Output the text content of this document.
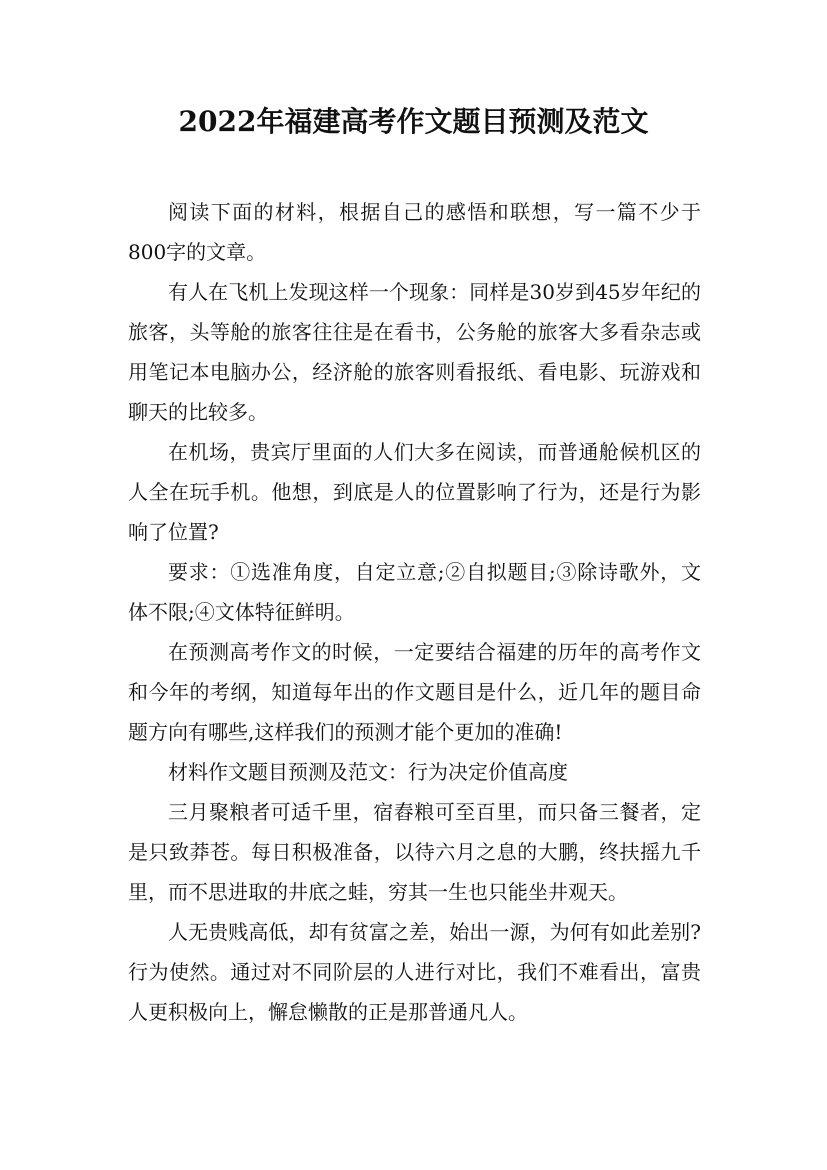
2022年福建高考作文题目预测及范文

阅读下面的材料，根据自己的感悟和联想，写一篇不少于800字的文章。

有人在飞机上发现这样一个现象：同样是30岁到45岁年纪的旅客，头等舱的旅客往往是在看书，公务舱的旅客大多看杂志或用笔记本电脑办公，经济舱的旅客则看报纸、看电影、玩游戏和聊天的比较多。

在机场，贵宾厅里面的人们大多在阅读，而普通舱候机区的人全在玩手机。他想，到底是人的位置影响了行为，还是行为影响了位置?

要求：①选准角度，自定立意;②自拟题目;③除诗歌外，文体不限;④文体特征鲜明。

在预测高考作文的时候，一定要结合福建的历年的高考作文和今年的考纲，知道每年出的作文题目是什么，近几年的题目命题方向有哪些,这样我们的预测才能个更加的准确!

材料作文题目预测及范文：行为决定价值高度

三月聚粮者可适千里，宿舂粮可至百里，而只备三餐者，定是只致莽苍。每日积极准备，以待六月之息的大鹏，终扶摇九千里，而不思进取的井底之蛙，穷其一生也只能坐井观天。

人无贵贱高低，却有贫富之差，始出一源，为何有如此差别?行为使然。通过对不同阶层的人进行对比，我们不难看出，富贵人更积极向上，懈怠懒散的正是那普通凡人。
